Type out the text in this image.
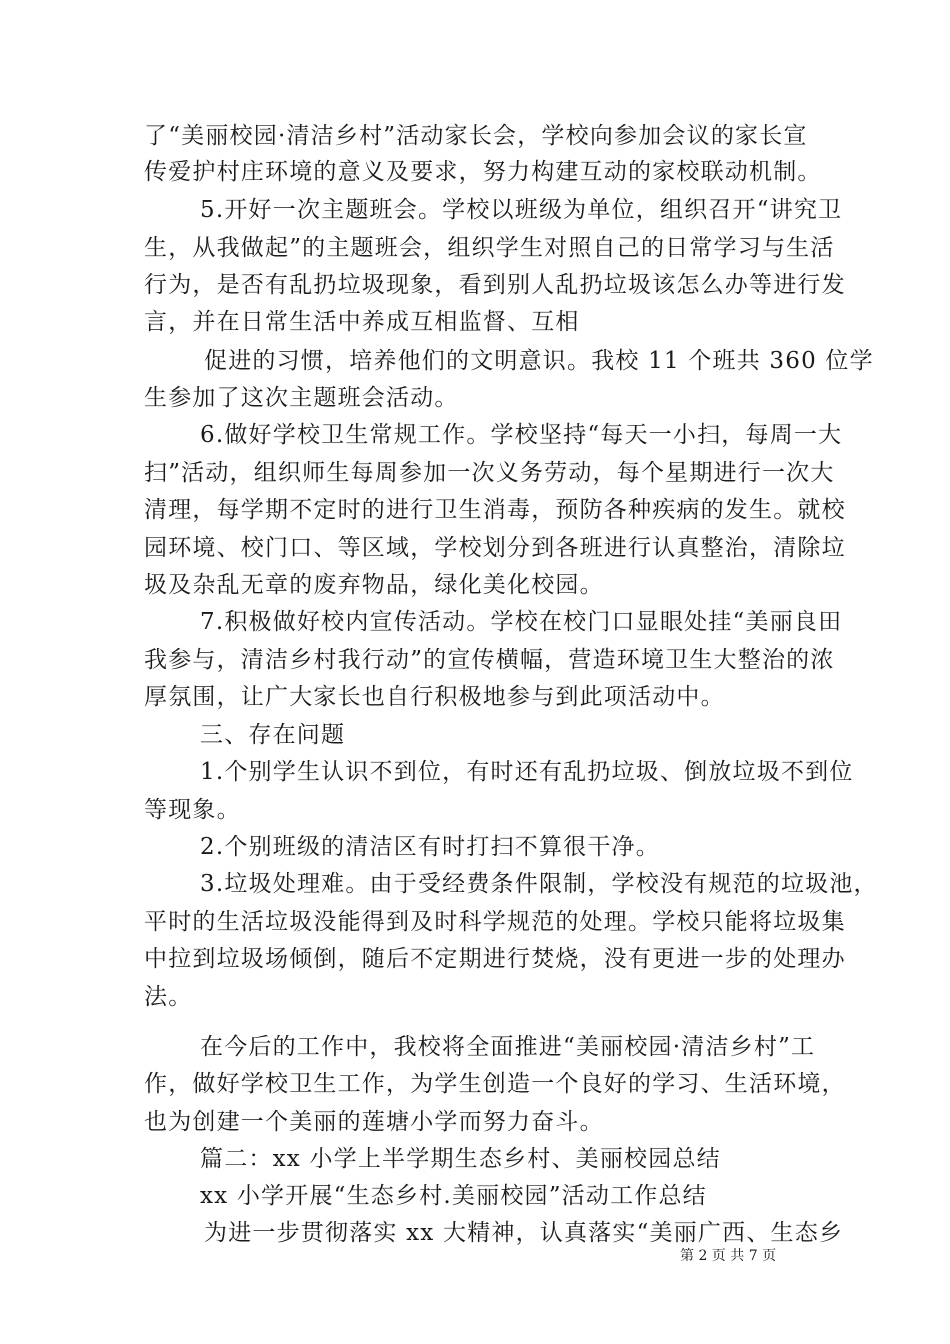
了“美丽校园·清洁乡村”活动家长会，学校向参加会议的家长宣
传爱护村庄环境的意义及要求，努力构建互动的家校联动机制。
5.开好一次主题班会。学校以班级为单位，组织召开“讲究卫
生，从我做起”的主题班会，组织学生对照自己的日常学习与生活
行为，是否有乱扔垃圾现象，看到别人乱扔垃圾该怎么办等进行发
言，并在日常生活中养成互相监督、互相
促进的习惯，培养他们的文明意识。我校 11 个班共 360 位学
生参加了这次主题班会活动。
6.做好学校卫生常规工作。学校坚持“每天一小扫，每周一大
扫”活动，组织师生每周参加一次义务劳动，每个星期进行一次大
清理，每学期不定时的进行卫生消毒，预防各种疾病的发生。就校
园环境、校门口、等区域，学校划分到各班进行认真整治，清除垃
圾及杂乱无章的废弃物品，绿化美化校园。
7.积极做好校内宣传活动。学校在校门口显眼处挂“美丽良田
我参与，清洁乡村我行动”的宣传横幅，营造环境卫生大整治的浓
厚氛围，让广大家长也自行积极地参与到此项活动中。
三、存在问题
1.个别学生认识不到位，有时还有乱扔垃圾、倒放垃圾不到位
等现象。
2.个别班级的清洁区有时打扫不算很干净。
3.垃圾处理难。由于受经费条件限制，学校没有规范的垃圾池，
平时的生活垃圾没能得到及时科学规范的处理。学校只能将垃圾集
中拉到垃圾场倾倒，随后不定期进行焚烧，没有更进一步的处理办
法。
在今后的工作中，我校将全面推进“美丽校园·清洁乡村”工
作，做好学校卫生工作，为学生创造一个良好的学习、生活环境，
也为创建一个美丽的莲塘小学而努力奋斗。
篇二：xx 小学上半学期生态乡村、美丽校园总结
xx 小学开展“生态乡村.美丽校园”活动工作总结
为进一步贯彻落实 xx 大精神，认真落实“美丽广西、生态乡
第 2 页 共 7 页
